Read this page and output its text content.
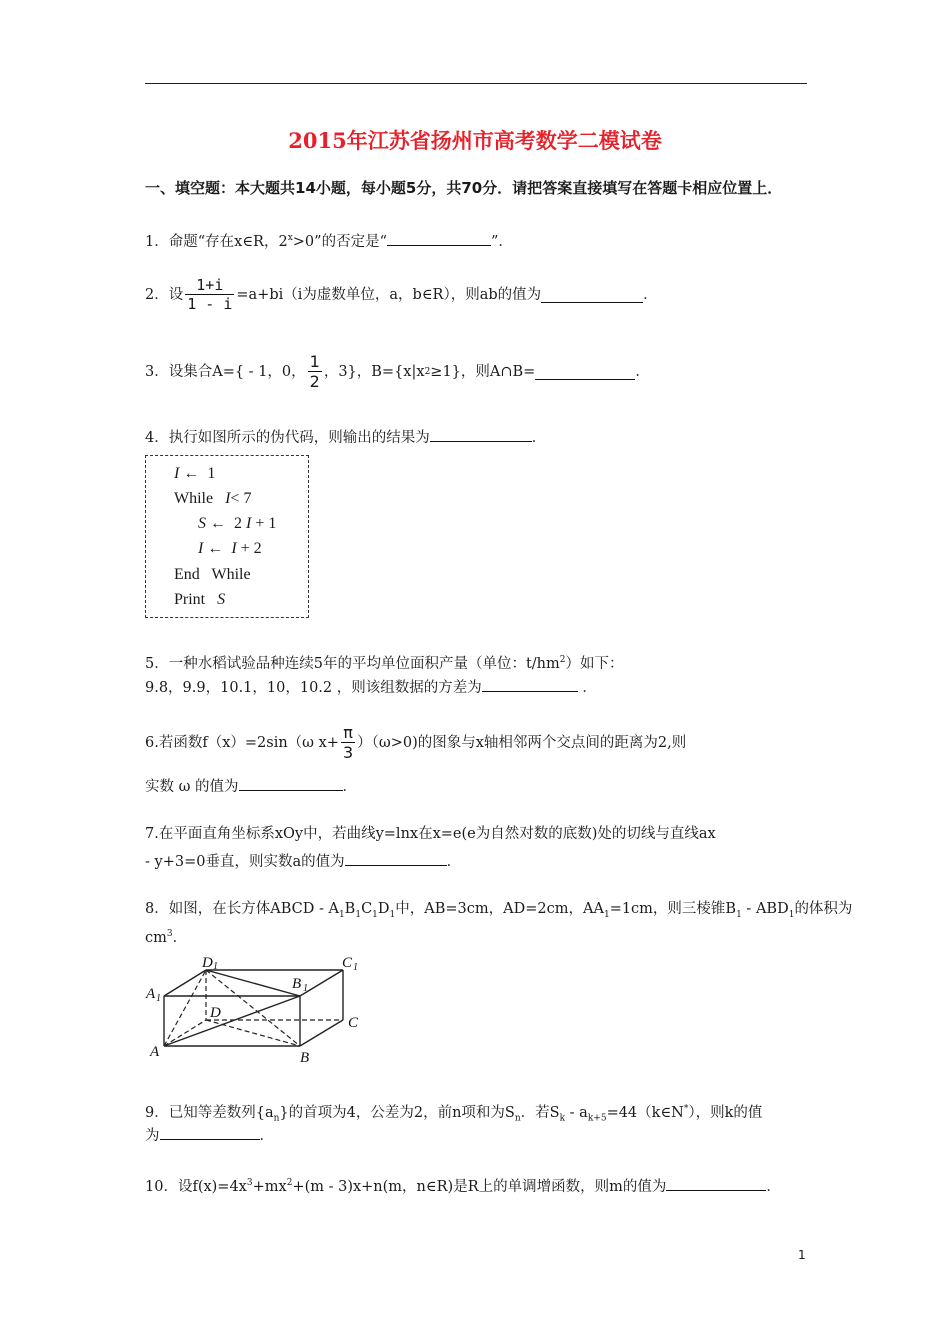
2015年江苏省扬州市高考数学二模试卷
一、填空题：本大题共14小题，每小题5分，共70分．请把答案直接填写在答题卡相应位置上．
1．命题“存在x∈R，$2^x>0$”的否定是“	”．
2．设 $\frac{1+i}{1 - i} =a+bi(i$为虚数单位，a，b∈R），则ab的值为	．
3．设集合A={ - 1，0， $\frac{1}{2}$ ，3}，B={x|x 2 ≥1}，则A∩B=	．
4．执行如图所示的伪代码，则输出的结果为	．
I ← 1
While I< 7
S ← 2 I + 1
I ← I + 2
End While
Print S
5．一种水稻试验品种连续5年的平均单位面积产量（单位：$t/hm^2$）如下：
9.8，9.9，10.1，10，10.2 ，则该组数据的方差为	．
6.若函数f（x）=2sin（ω $x+ \frac{\pi}{3} )(\omega>0)$的图象与x轴相邻两个交点间的距离为2,则
实数 ω 的值为	．
7.在平面直角坐标系xOy中，若曲线y=lnx在x=e(e为自然对数的底数)处的切线与直线ax
- y+3=0垂直，则实数a的值为	．
8．如图，在长方体ABCD - $A_1B_1C_1D_1$中，AB=3cm，AD=2cm，$AA_1=1cm$，则三棱锥$B_1 - ABD_1$的体积为
$cm^3$．
D 1	C 1
A 1
B 1
D
C
A	B
9．已知等差数列$\{a_n\}$的首项为4，公差为2，前n项和为$S_n$．若$S_k$ - $a_{k+5}=44(k\in N^*)$，则k的值
为	．
10．设$f(x)=4x^3+mx^2+(m - 3)x+n(m$，n∈R)是R上的单调增函数，则m的值为	．
1
